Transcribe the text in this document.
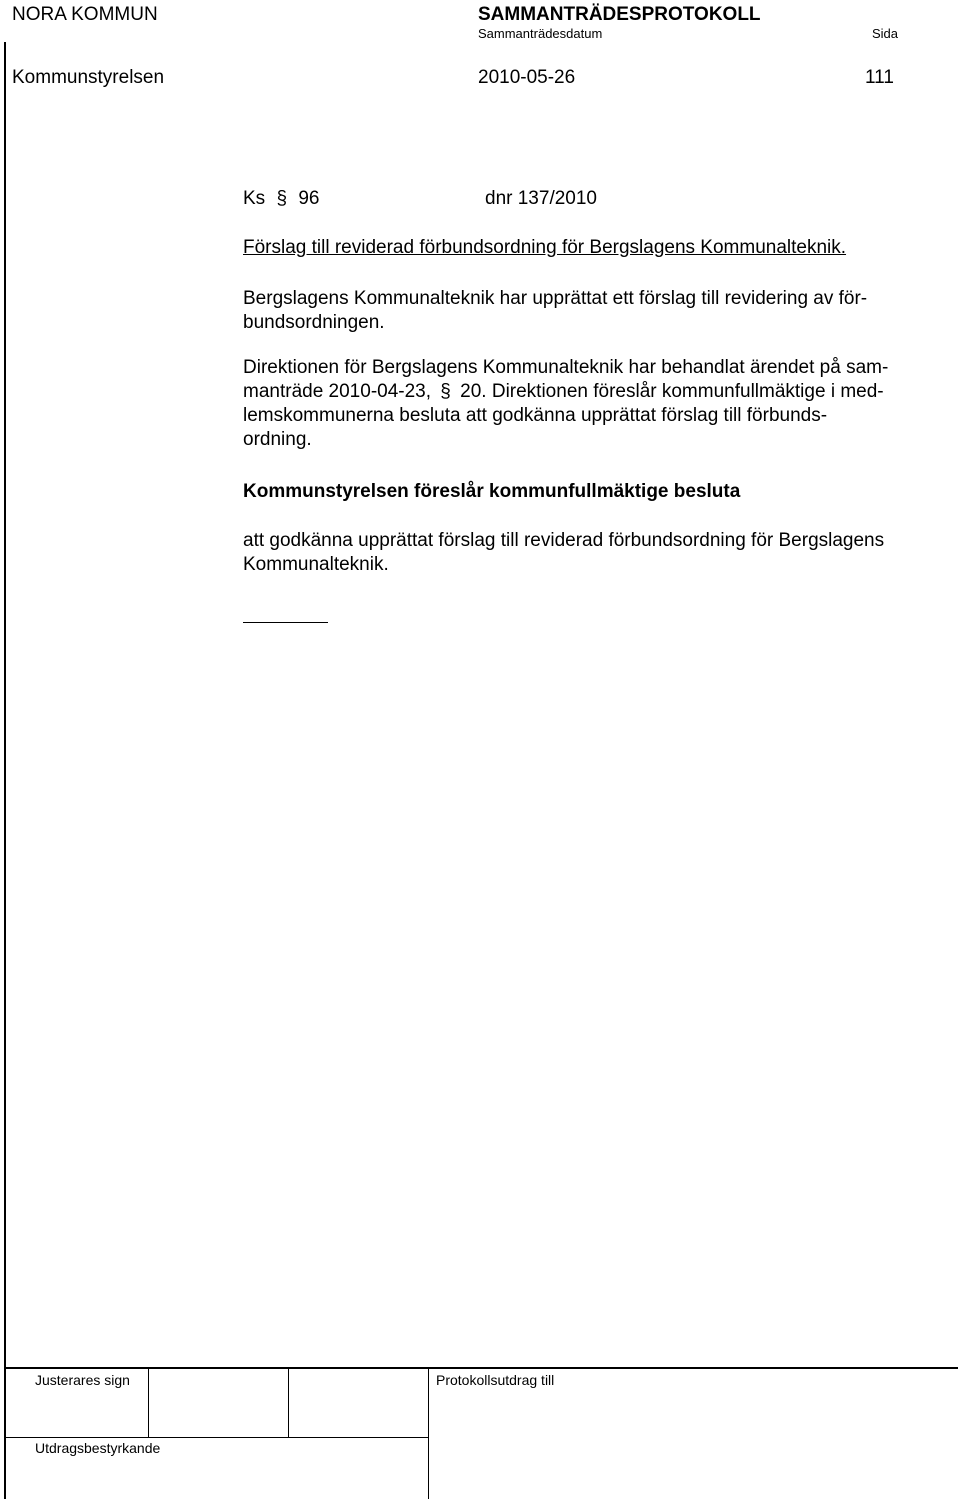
NORA KOMMUN	SAMMANTRÄDESPROTOKOLL
Sammanträdesdatum	Sida
Kommunstyrelsen	2010-05-26	111
Ks § 96	dnr 137/2010
Förslag till reviderad förbundsordning för Bergslagens Kommunalteknik.
Bergslagens Kommunalteknik har upprättat ett förslag till revidering av för-
bundsordningen.
Direktionen för Bergslagens Kommunalteknik har behandlat ärendet på sam-
manträde 2010-04-23, § 20. Direktionen föreslår kommunfullmäktige i med-
lemskommunerna besluta att godkänna upprättat förslag till förbunds-
ordning.
Kommunstyrelsen föreslår kommunfullmäktige besluta
att godkänna upprättat förslag till reviderad förbundsordning för Bergslagens
Kommunalteknik.
Justerares sign	Protokollsutdrag till
Utdragsbestyrkande
